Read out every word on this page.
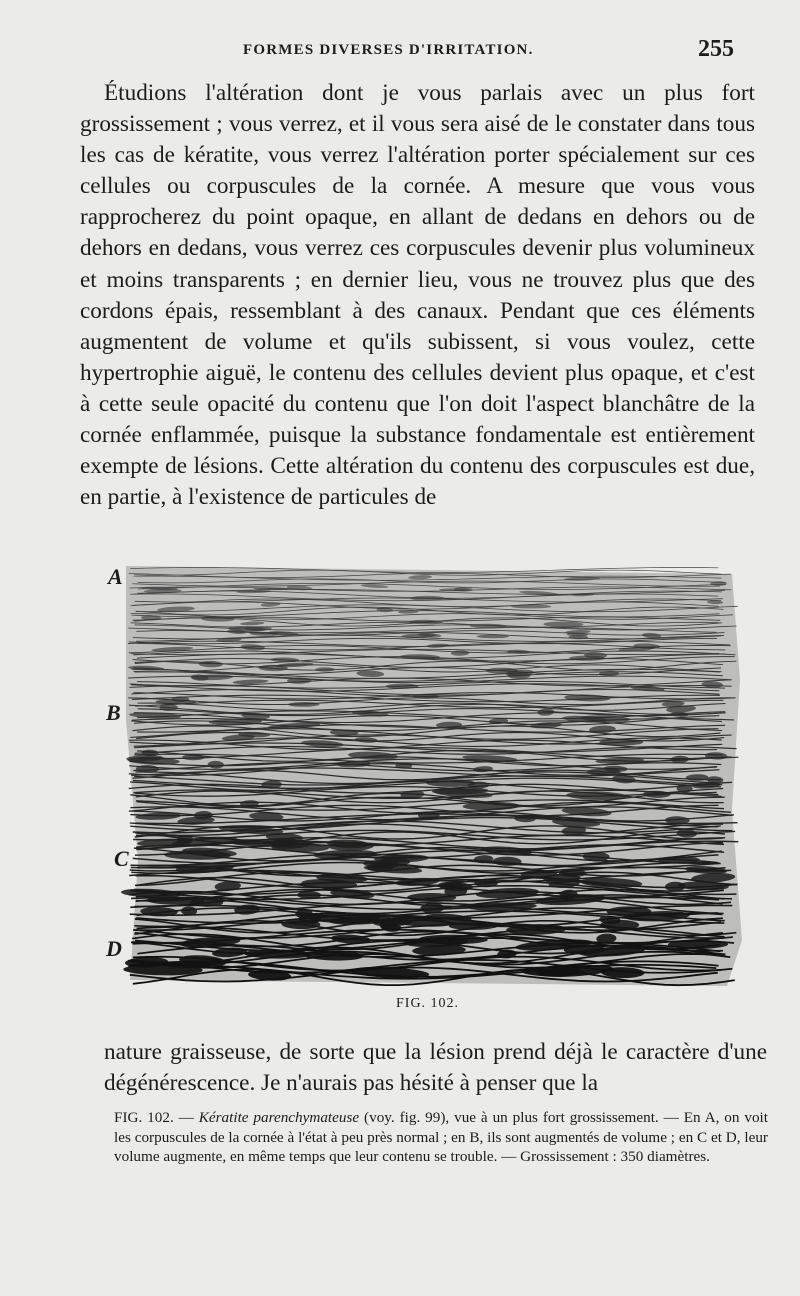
FORMES DIVERSES D'IRRITATION.	255

Étudions l'altération dont je vous parlais avec un plus fort grossissement ; vous verrez, et il vous sera aisé de le constater dans tous les cas de kératite, vous verrez l'altération porter spécialement sur ces cellules ou corpuscules de la cornée. A mesure que vous vous rapprocherez du point opaque, en allant de dedans en dehors ou de dehors en dedans, vous verrez ces corpuscules devenir plus volumineux et moins transparents ; en dernier lieu, vous ne trouvez plus que des cordons épais, ressemblant à des canaux. Pendant que ces éléments augmentent de volume et qu'ils subissent, si vous voulez, cette hypertrophie aiguë, le contenu des cellules devient plus opaque, et c'est à cette seule opacité du contenu que l'on doit l'aspect blanchâtre de la cornée enflammée, puisque la substance fondamentale est entièrement exempte de lésions. Cette altération du contenu des corpuscules est due, en partie, à l'existence de particules de

A
B
C
D
FIG. 102.

nature graisseuse, de sorte que la lésion prend déjà le caractère d'une dégénérescence. Je n'aurais pas hésité à penser que la

FIG. 102. — Kératite parenchymateuse (voy. fig. 99), vue à un plus fort grossissement. — En A, on voit les corpuscules de la cornée à l'état à peu près normal ; en B, ils sont augmentés de volume ; en C et D, leur volume augmente, en même temps que leur contenu se trouble. — Grossissement : 350 diamètres.
